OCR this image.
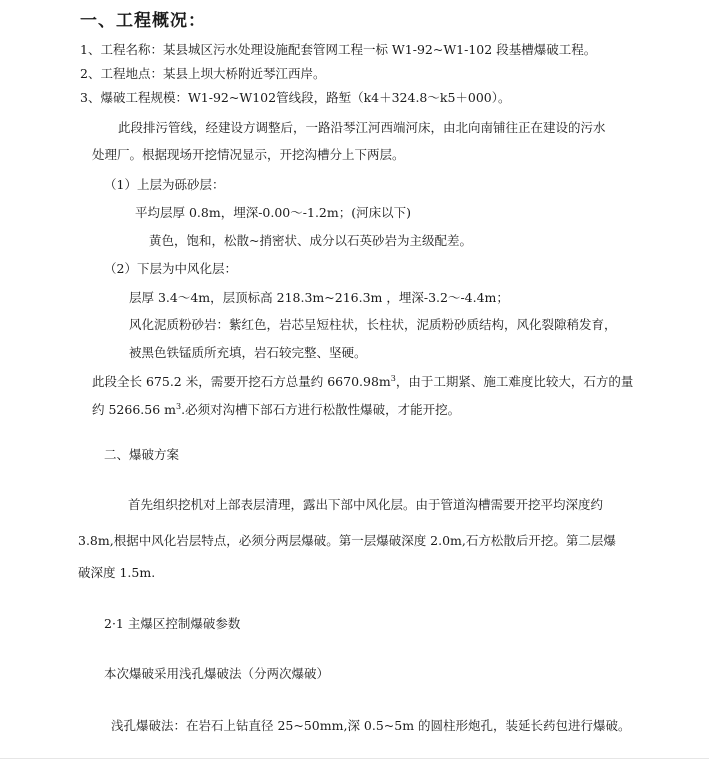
一、工程概况：
1、工程名称：某县城区污水处理设施配套管网工程一标 W1-92~W1-102 段基槽爆破工程。
2、工程地点：某县上坝大桥附近琴江西岸。
3、爆破工程规模：W1-92~W102管线段，路堑（k4＋324.8～k5＋000）。
此段排污管线，经建设方调整后，一路沿琴江河西端河床，由北向南铺往正在建设的污水
处理厂。根据现场开挖情况显示，开挖沟槽分上下两层。
（1）上层为砾砂层：
平均层厚 0.8m，埋深-0.00～-1.2m；(河床以下)
黄色，饱和，松散~捎密状、成分以石英砂岩为主级配差。
（2）下层为中风化层：
层厚 3.4～4m，层顶标高 218.3m~216.3m ，埋深-3.2～-4.4m；
风化泥质粉砂岩：紫红色，岩芯呈短柱状，长柱状，泥质粉砂质结构，风化裂隙稍发育，
被黑色铁锰质所充填，岩石较完整、坚硬。
此段全长 675.2 米，需要开挖石方总量约 $6670.98m^3$，由于工期紧、施工难度比较大，石方的量
约 5266.56 $m^3$.必须对沟槽下部石方进行松散性爆破，才能开挖。
二、爆破方案
首先组织挖机对上部表层清理，露出下部中风化层。由于管道沟槽需要开挖平均深度约
3.8m,根据中风化岩层特点，必须分两层爆破。第一层爆破深度 2.0m,石方松散后开挖。第二层爆
破深度 1.5m.
2·1 主爆区控制爆破参数
本次爆破采用浅孔爆破法（分两次爆破）
浅孔爆破法：在岩石上钻直径 25~50mm,深 0.5~5m 的圆柱形炮孔，装延长药包进行爆破。
